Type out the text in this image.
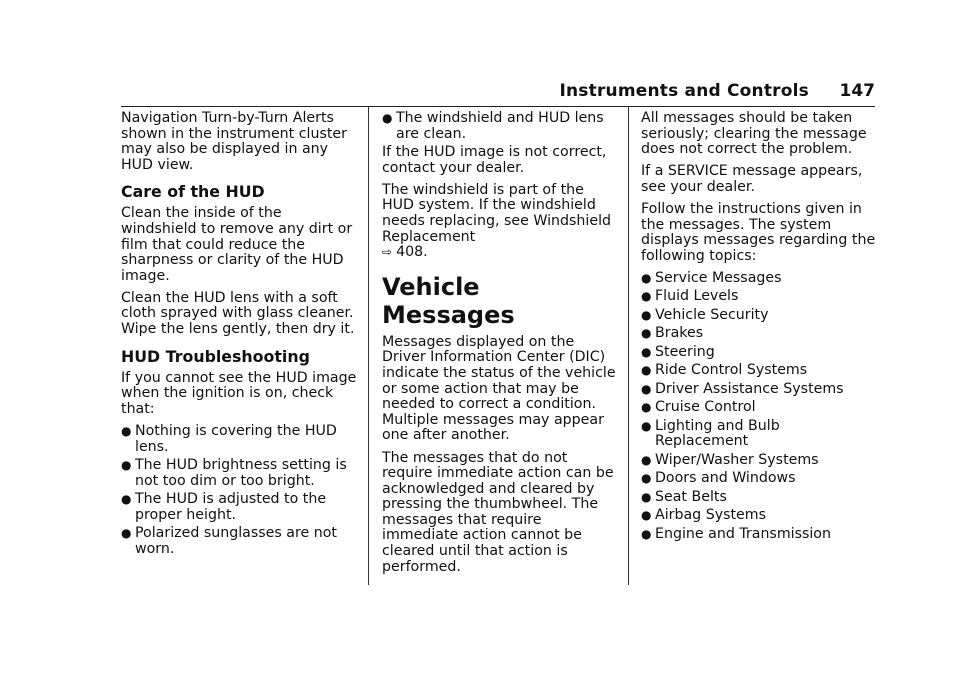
Instruments and Controls 147

Navigation Turn-by-Turn Alerts shown in the instrument cluster may also be displayed in any HUD view.

Care of the HUD

Clean the inside of the windshield to remove any dirt or film that could reduce the sharpness or clarity of the HUD image.

Clean the HUD lens with a soft cloth sprayed with glass cleaner. Wipe the lens gently, then dry it.

HUD Troubleshooting

If you cannot see the HUD image when the ignition is on, check that:

● Nothing is covering the HUD lens.
● The HUD brightness setting is not too dim or too bright.
● The HUD is adjusted to the proper height.
● Polarized sunglasses are not worn.
● The windshield and HUD lens are clean.

If the HUD image is not correct, contact your dealer.

The windshield is part of the HUD system. If the windshield needs replacing, see Windshield Replacement
⇨ 408.

Vehicle Messages

Messages displayed on the Driver Information Center (DIC) indicate the status of the vehicle or some action that may be needed to correct a condition. Multiple messages may appear one after another.

The messages that do not require immediate action can be acknowledged and cleared by pressing the thumbwheel. The messages that require immediate action cannot be cleared until that action is performed.

All messages should be taken seriously; clearing the message does not correct the problem.

If a SERVICE message appears, see your dealer.

Follow the instructions given in the messages. The system displays messages regarding the following topics:

● Service Messages
● Fluid Levels
● Vehicle Security
● Brakes
● Steering
● Ride Control Systems
● Driver Assistance Systems
● Cruise Control
● Lighting and Bulb Replacement
● Wiper/Washer Systems
● Doors and Windows
● Seat Belts
● Airbag Systems
● Engine and Transmission
